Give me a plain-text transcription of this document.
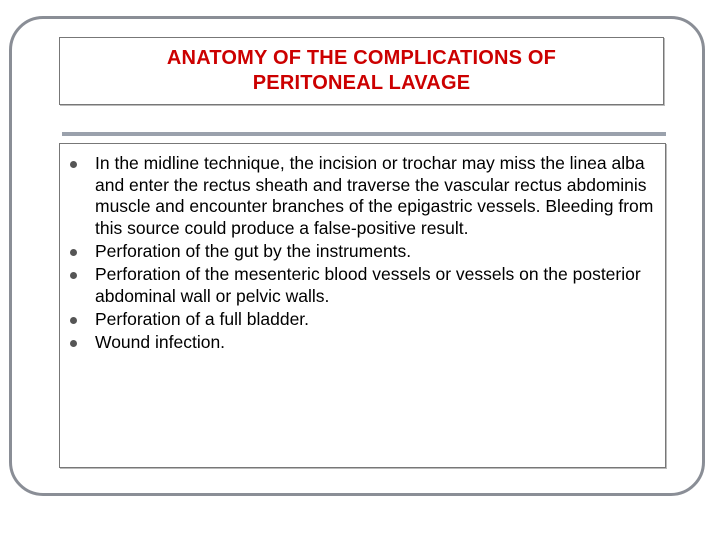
ANATOMY OF THE COMPLICATIONS OF
PERITONEAL LAVAGE
In the midline technique, the incision or trochar may miss the linea alba and enter the rectus sheath and traverse the vascular rectus abdominis muscle and encounter branches of the epigastric vessels. Bleeding from this source could produce a false-positive result.
Perforation of the gut by the instruments.
Perforation of the mesenteric blood vessels or vessels on the posterior abdominal wall or pelvic walls.
Perforation of a full bladder.
Wound infection.
